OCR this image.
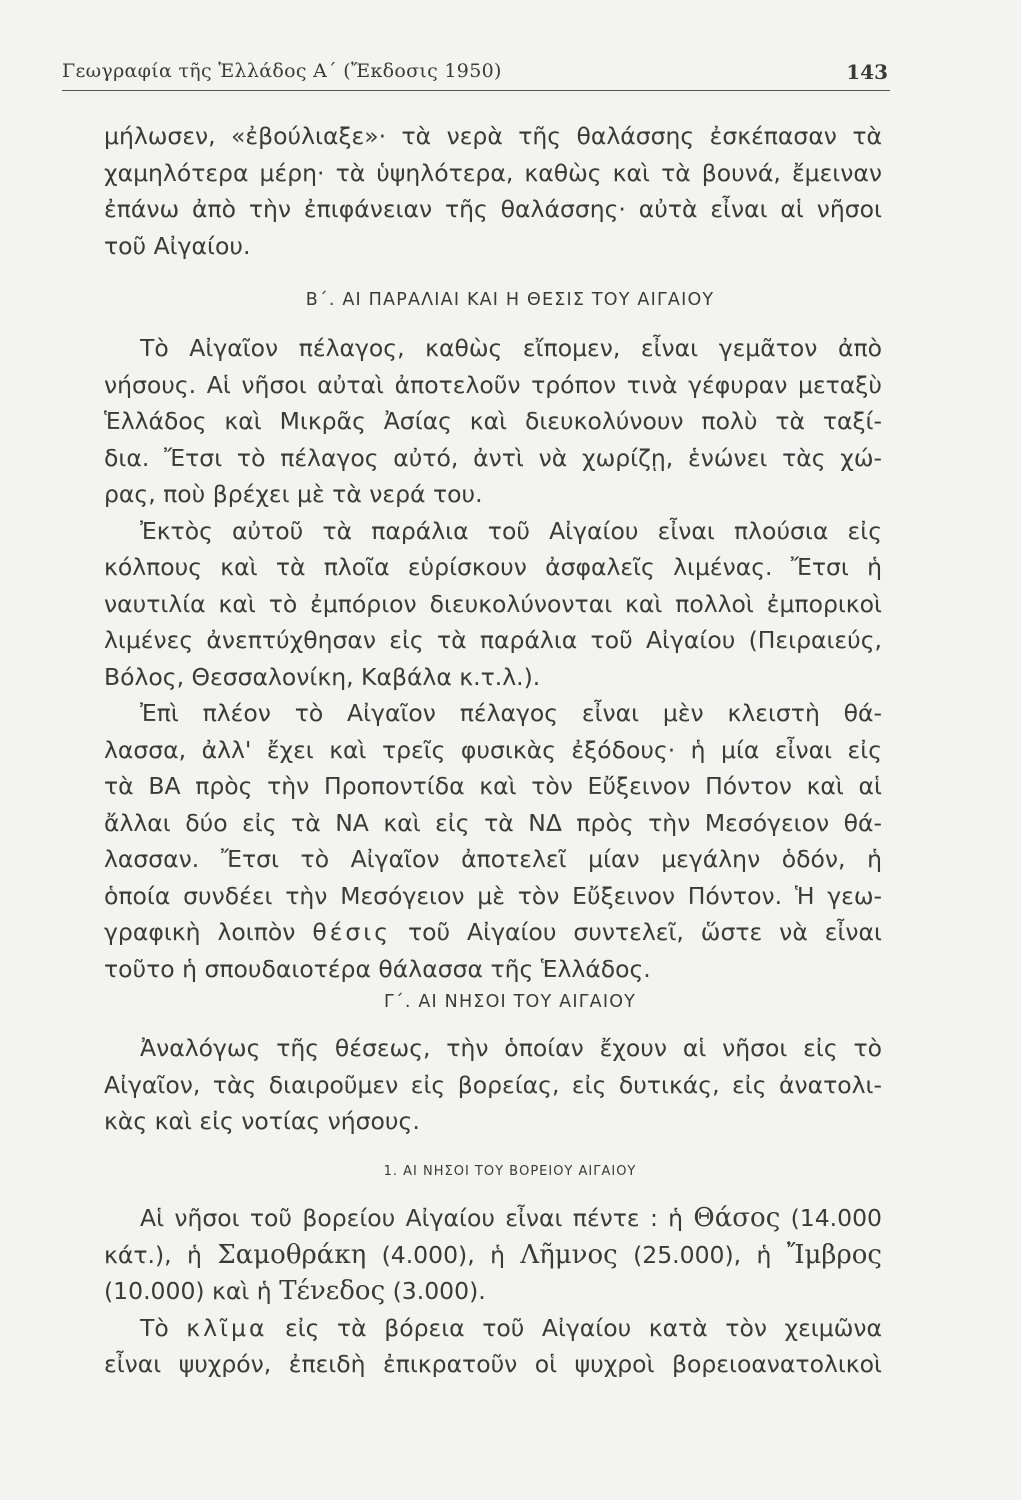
Γεωγραφία τῆς Ἑλλάδος Α΄ (Ἔκδοσις 1950)	143
μήλωσεν, «ἐβούλιαξε»· τὰ νερὰ τῆς θαλάσσης ἐσκέπασαν τὰ
χαμηλότερα μέρη· τὰ ὑψηλότερα, καθὼς καὶ τὰ βουνά, ἔμειναν
ἐπάνω ἀπὸ τὴν ἐπιφάνειαν τῆς θαλάσσης· αὐτὰ εἶναι αἱ νῆσοι
τοῦ Αἰγαίου.
Β΄. ΑΙ ΠΑΡΑΛΙΑΙ ΚΑΙ Η ΘΕΣΙΣ ΤΟΥ ΑΙΓΑΙΟΥ
Τὸ Αἰγαῖον πέλαγος, καθὼς εἴπομεν, εἶναι γεμᾶτον ἀπὸ
νήσους. Αἱ νῆσοι αὐταὶ ἀποτελοῦν τρόπον τινὰ γέφυραν μεταξὺ
Ἑλλάδος καὶ Μικρᾶς Ἀσίας καὶ διευκολύνουν πολὺ τὰ ταξί-
δια. Ἔτσι τὸ πέλαγος αὐτό, ἀντὶ νὰ χωρίζῃ, ἑνώνει τὰς χώ-
ρας, ποὺ βρέχει μὲ τὰ νερά του.
Ἐκτὸς αὐτοῦ τὰ παράλια τοῦ Αἰγαίου εἶναι πλούσια εἰς
κόλπους καὶ τὰ πλοῖα εὑρίσκουν ἀσφαλεῖς λιμένας. Ἔτσι ἡ
ναυτιλία καὶ τὸ ἐμπόριον διευκολύνονται καὶ πολλοὶ ἐμπορικοὶ
λιμένες ἀνεπτύχθησαν εἰς τὰ παράλια τοῦ Αἰγαίου (Πειραιεύς,
Βόλος, Θεσσαλονίκη, Καβάλα κ.τ.λ.).
Ἐπὶ πλέον τὸ Αἰγαῖον πέλαγος εἶναι μὲν κλειστὴ θά-
λασσα, ἀλλ' ἔχει καὶ τρεῖς φυσικὰς ἐξόδους· ἡ μία εἶναι εἰς
τὰ ΒΑ πρὸς τὴν Προποντίδα καὶ τὸν Εὔξεινον Πόντον καὶ αἱ
ἄλλαι δύο εἰς τὰ ΝΑ καὶ εἰς τὰ ΝΔ πρὸς τὴν Μεσόγειον θά-
λασσαν. Ἔτσι τὸ Αἰγαῖον ἀποτελεῖ μίαν μεγάλην ὁδόν, ἡ
ὁποία συνδέει τὴν Μεσόγειον μὲ τὸν Εὔξεινον Πόντον. Ἡ γεω-
γραφικὴ λοιπὸν θέσις τοῦ Αἰγαίου συντελεῖ, ὥστε νὰ εἶναι
τοῦτο ἡ σπουδαιοτέρα θάλασσα τῆς Ἑλλάδος.
Γ΄. ΑΙ ΝΗΣΟΙ ΤΟΥ ΑΙΓΑΙΟΥ
Ἀναλόγως τῆς θέσεως, τὴν ὁποίαν ἔχουν αἱ νῆσοι εἰς τὸ
Αἰγαῖον, τὰς διαιροῦμεν εἰς βορείας, εἰς δυτικάς, εἰς ἀνατολι-
κὰς καὶ εἰς νοτίας νήσους.
1. ΑΙ ΝΗΣΟΙ ΤΟΥ ΒΟΡΕΙΟΥ ΑΙΓΑΙΟΥ
Αἱ νῆσοι τοῦ βορείου Αἰγαίου εἶναι πέντε : ἡ Θάσος (14.000
κάτ.), ἡ Σαμοθράκη (4.000), ἡ Λῆμνος (25.000), ἡ Ἴμβρος
(10.000) καὶ ἡ Τένεδος (3.000).
Τὸ κλῖμα εἰς τὰ βόρεια τοῦ Αἰγαίου κατὰ τὸν χειμῶνα
εἶναι ψυχρόν, ἐπειδὴ ἐπικρατοῦν οἱ ψυχροὶ βορειοανατολικοὶ
